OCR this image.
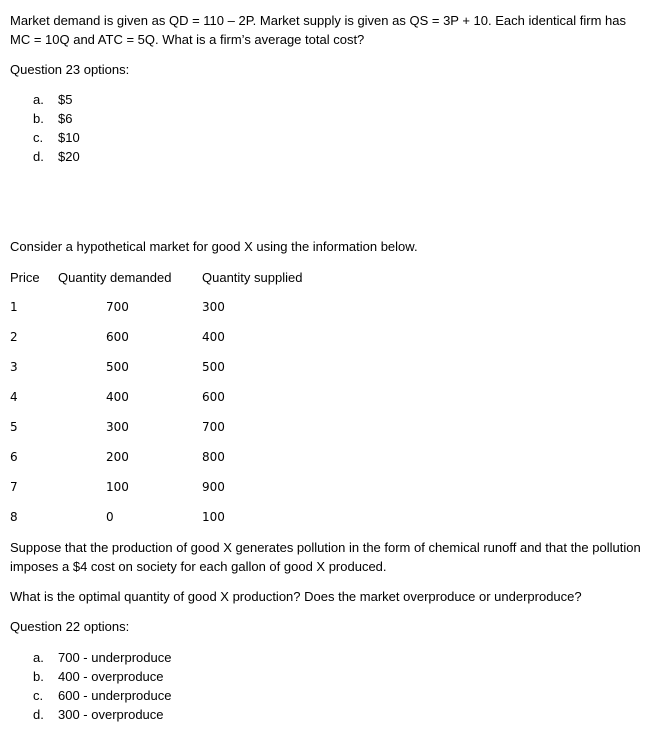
Market demand is given as QD = 110 – 2P. Market supply is given as QS = 3P + 10. Each identical firm has MC = 10Q and ATC = 5Q. What is a firm’s average total cost?
Question 23 options:
a. $5
b. $6
c. $10
d. $20
Consider a hypothetical market for good X using the information below.
Price Quantity demanded Quantity supplied
1	700	300
2	600	400
3	500	500
4	400	600
5	300	700
6	200	800
7	100	900
8	0	100
Suppose that the production of good X generates pollution in the form of chemical runoff and that the pollution imposes a $4 cost on society for each gallon of good X produced.
What is the optimal quantity of good X production? Does the market overproduce or underproduce?
Question 22 options:
a. 700 - underproduce
b. 400 - overproduce
c. 600 - underproduce
d. 300 - overproduce
